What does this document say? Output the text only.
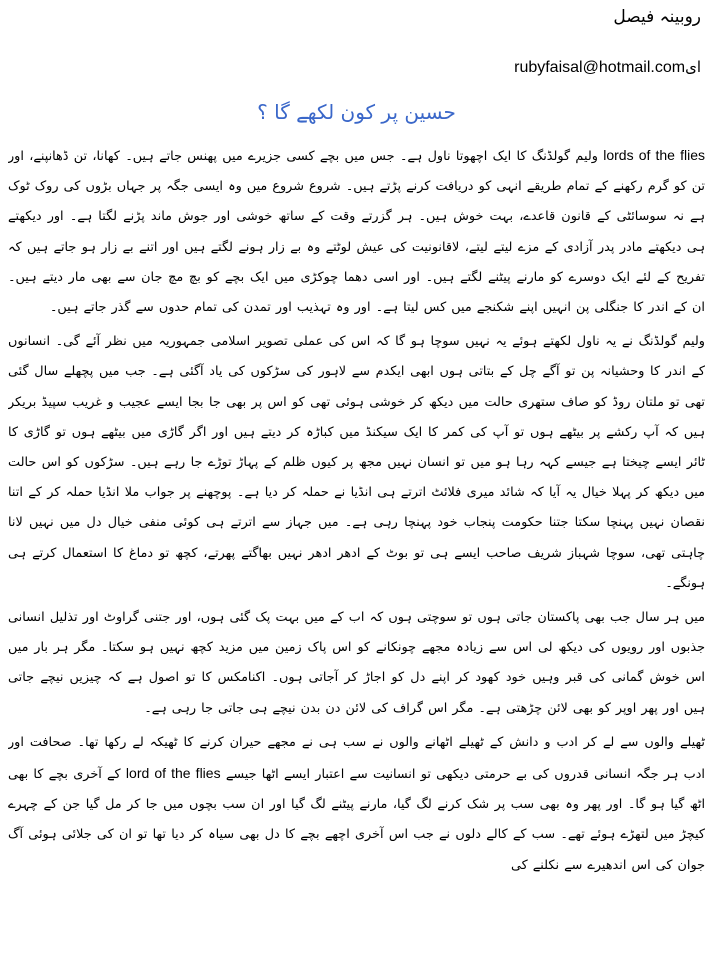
روبینہ فیصل
ایrubyfaisal@hotmail.com
حسین پر کون لکھے گا ؟

lords of the flies ولیم گولڈنگ کا ایک اچھوتا ناول ہے۔ جس میں بچے کسی جزیرے میں پھنس جاتے ہیں۔ کھانا، تن ڈھانپنے، اور تن کو گرم رکھنے کے تمام طریقے انہی کو دریافت کرنے پڑتے ہیں۔ شروع شروع میں وہ ایسی جگہ پر جہاں بڑوں کی روک ٹوک ہے نہ سوسائٹی کے قانون قاعدے، بہت خوش ہیں۔ ہر گزرتے وقت کے ساتھ خوشی اور جوش ماند پڑنے لگتا ہے۔ اور دیکھتے ہی دیکھتے مادر پدر آزادی کے مزے لیتے لیتے، لاقانونیت کی عیش لوٹتے وہ بے زار ہونے لگتے ہیں اور اتنے بے زار ہو جاتے ہیں کہ تفریح کے لئے ایک دوسرے کو مارنے پیٹنے لگتے ہیں۔ اور اسی دھما چوکڑی میں ایک بچے کو بچ مچ جان سے بھی مار دیتے ہیں۔ ان کے اندر کا جنگلی پن انہیں اپنے شکنجے میں کس لیتا ہے۔ اور وہ تہذیب اور تمدن کی تمام حدوں سے گذر جاتے ہیں۔

ولیم گولڈنگ نے یہ ناول لکھتے ہوئے یہ نہیں سوچا ہو گا کہ اس کی عملی تصویر اسلامی جمہوریہ میں نظر آئے گی۔ انسانوں کے اندر کا وحشیانہ پن تو آگے چل کے بتاتی ہوں ابھی ایکدم سے لاہور کی سڑکوں کی یاد آگئی ہے۔ جب میں پچھلے سال گئی تھی تو ملتان روڈ کو صاف ستھری حالت میں دیکھ کر خوشی ہوئی تھی کو اس پر بھی جا بجا ایسے عجیب و غریب سپیڈ بریکر ہیں کہ آپ رکشے پر بیٹھے ہوں تو آپ کی کمر کا ایک سیکنڈ میں کباڑہ کر دیتے ہیں اور اگر گاڑی میں بیٹھے ہوں تو گاڑی کا ٹائر ایسے چیختا ہے جیسے کہہ رہا ہو میں تو انسان نہیں مجھ پر کیوں ظلم کے پہاڑ توڑے جا رہے ہیں۔ سڑکوں کو اس حالت میں دیکھ کر پہلا خیال یہ آیا کہ شائد میری فلائٹ اترتے ہی انڈیا نے حملہ کر دیا ہے۔ پوچھنے پر جواب ملا انڈیا حملہ کر کے اتنا نقصان نہیں پہنچا سکتا جتنا حکومت پنجاب خود پہنچا رہی ہے۔ میں جہاز سے اترتے ہی کوئی منفی خیال دل میں نہیں لانا چاہتی تھی، سوچا شہباز شریف صاحب ایسے ہی تو بوٹ کے ادھر ادھر نہیں بھاگتے پھرتے، کچھ تو دماغ کا استعمال کرتے ہی ہونگے۔

میں ہر سال جب بھی پاکستان جاتی ہوں تو سوچتی ہوں کہ اب کے میں بہت پک گئی ہوں، اور جتنی گراوٹ اور تذلیل انسانی جذبوں اور رویوں کی دیکھ لی اس سے زیادہ مجھے چونکانے کو اس پاک زمین میں مزید کچھ نہیں ہو سکتا۔ مگر ہر بار میں اس خوش گمانی کی قبر وہیں خود کھود کر اپنے دل کو اجاڑ کر آجاتی ہوں۔ اکنامکس کا تو اصول ہے کہ چیزیں نیچے جاتی ہیں اور پھر اوپر کو بھی لائن چڑھتی ہے۔ مگر اس گراف کی لائن دن بدن نیچے ہی جاتی جا رہی ہے۔

ٹھیلے والوں سے لے کر ادب و دانش کے ٹھیلے اٹھانے والوں نے سب ہی نے مجھے حیران کرنے کا ٹھیکہ لے رکھا تھا۔ صحافت اور ادب ہر جگہ انسانی قدروں کی بے حرمتی دیکھی تو انسانیت سے اعتبار ایسے اٹھا جیسے lord of the flies کے آخری بچے کا بھی اٹھ گیا ہو گا۔ اور پھر وہ بھی سب پر شک کرنے لگ گیا، مارنے پیٹنے لگ گیا اور ان سب بچوں میں جا کر مل گیا جن کے چہرے کیچڑ میں لتھڑے ہوئے تھے۔ سب کے کالے دلوں نے جب اس آخری اچھے بچے کا دل بھی سیاہ کر دیا تھا تو ان کی جلائی ہوئی آگ جوان کی اس اندھیرے سے نکلنے کی
